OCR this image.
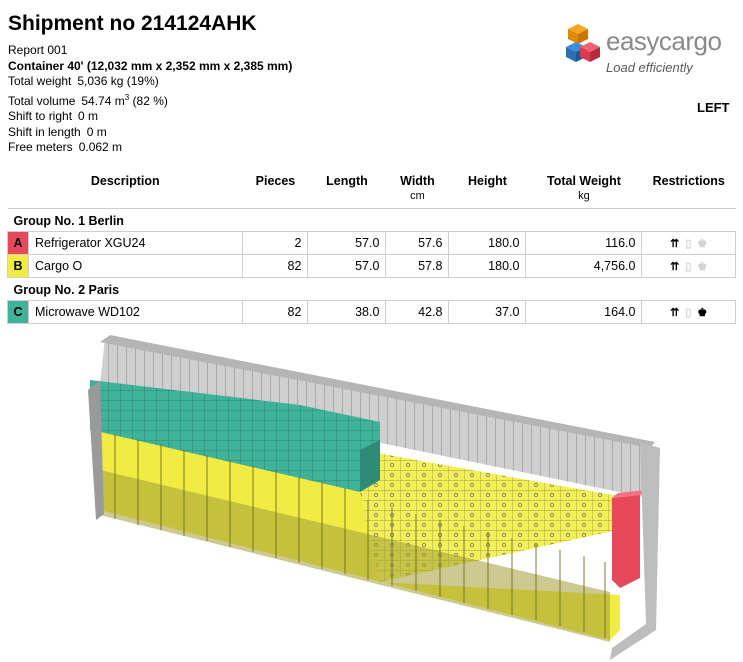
Shipment no 214124AHK
Report 001
Container 40' (12,032 mm x 2,352 mm x 2,385 mm)
Total weight 5,036 kg (19%)
Total volume 54.74 $m^3$ (82 %)
Shift to right 0 m
Shift in length 0 m
Free meters 0.062 m
easycargo
Load efficiently
LEFT
Description		Pieces	Length	Width	Height	Total Weight	Restrictions
				cm		kg	
Group No. 1 Berlin							
A	Refrigerator XGU24	2	57.0	57.6	180.0	116.0	⇈ ▯ ♚
B	Cargo O	82	57.0	57.8	180.0	4,756.0	⇈ ▯ ♚
Group No. 2 Paris							
C	Microwave WD102	82	38.0	42.8	37.0	164.0	⇈ ▯ ♚
